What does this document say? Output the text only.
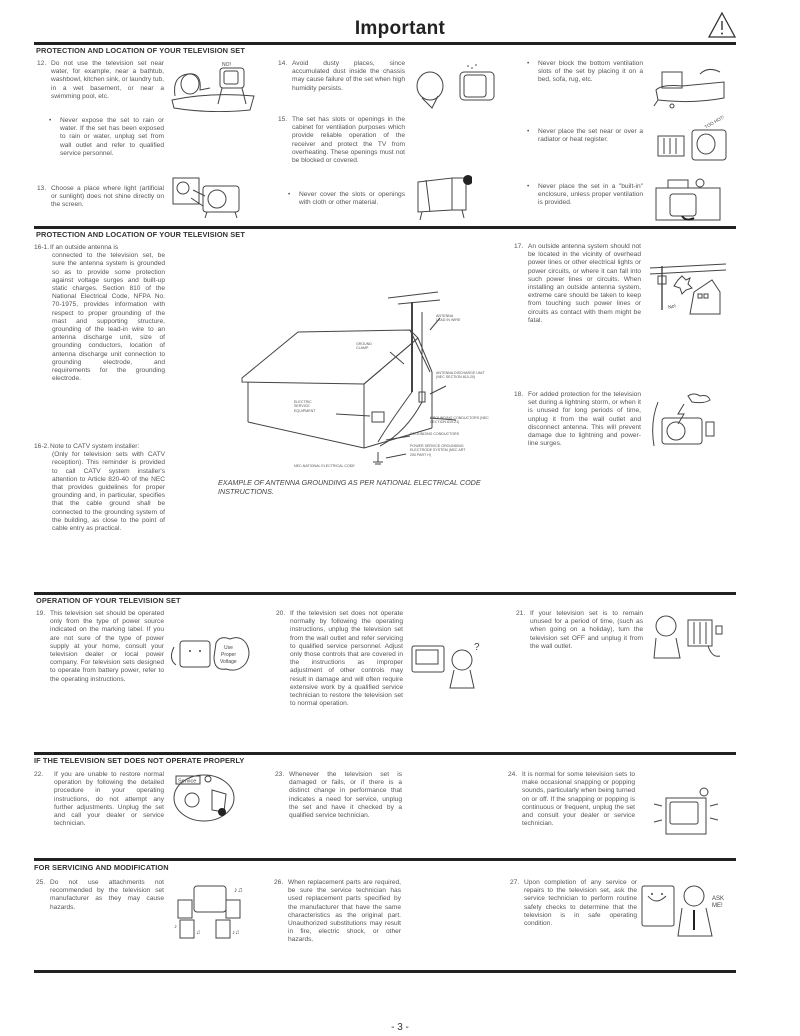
Important
PROTECTION AND LOCATION OF YOUR TELEVISION SET
12. Do not use the television set near water, for example, near a bathtub, washbowl, kitchen sink, or laundry tub, in a wet basement, or near a swimming pool, etc.
NO!
• Never expose the set to rain or water. If the set has been exposed to rain or water, unplug set from wall outlet and refer to qualified service personnel.
13. Choose a place where light (artificial or sunlight) does not shine directly on the screen.
14. Avoid dusty places, since accumulated dust inside the chassis may cause failure of the set when high humidity persists.
15. The set has slots or openings in the cabinet for ventilation purposes which provide reliable operation of the receiver and protect the TV from overheating. These openings must not be blocked or covered.
• Never cover the slots or openings with cloth or other material.
• Never block the bottom ventilation slots of the set by placing it on a bed, sofa, rug, etc.
• Never place the set near or over a radiator or heat register.
TOO HOT!
• Never place the set in a "built-in" enclosure, unless proper ventilation is provided.
PROTECTION AND LOCATION OF YOUR TELEVISION SET
16-1. If an outside antenna is
connected to the television set, be sure the antenna system is grounded so as to provide some protection against voltage surges and built-up static charges. Section 810 of the National Electrical Code, NFPA No. 70-1975, provides information with respect to proper grounding of the mast and supporting structure, grounding of the lead-in wire to an antenna discharge unit, size of grounding conductors, location of antenna discharge unit connection to grounding electrode, and requirements for the grounding electrode.
16-2. Note to CATV system installer:
(Only for television sets with CATV reception). This reminder is provided to call CATV system installer's attention to Article 820-40 of the NEC that provides guidelines for proper grounding and, in particular, specifies that the cable ground shall be connected to the grounding system of the building, as close to the point of cable entry as practical.
ANTENNA LEAD IN WIRE
GROUND CLAMP
ANTENNA DISCHARGE UNIT (NEC SECTION 810-20)
ELECTRIC SERVICE EQUIPMENT
GROUNDING CONDUCTORS (NEC SECTION 810-21)
GROUNDING CONDUCTORS
POWER SERVICE GROUNDING ELECTRODE SYSTEM (NEC ART 250 PART H)
NEC-NATIONAL ELECTRICAL CODE
EXAMPLE OF ANTENNA GROUNDING AS PER NATIONAL ELECTRICAL CODE INSTRUCTIONS.
17. An outside antenna system should not be located in the vicinity of overhead power lines or other electrical lights or power circuits, or where it can fall into such power lines or circuits. When installing an outside antenna system, extreme care should be taken to keep from touching such power lines or circuits as contact with them might be fatal.
No!
18. For added protection for the television set during a lightning storm, or when it is unused for long periods of time, unplug it from the wall outlet and disconnect antenna. This will prevent damage due to lightning and power-line surges.
OPERATION OF YOUR TELEVISION SET
19. This television set should be operated only from the type of power source indicated on the marking label. If you are not sure of the type of power supply at your home, consult your television dealer or local power company. For television sets designed to operate from battery power, refer to the operating instructions.
Use
Proper
Voltage
20. If the television set does not operate normally by following the operating instructions, unplug the television set from the wall outlet and refer servicing to qualified service personnel. Adjust only those controls that are covered in the instructions as improper adjustment of other controls may result in damage and will often require extensive work by a qualified service technician to restore the television set to normal operation.
?
21. If your television set is to remain unused for a period of time, (such as when going on a holiday), turn the television set OFF and unplug it from the wall outlet.
IF THE TELEVISION SET DOES NOT OPERATE PROPERLY
22. If you are unable to restore normal operation by following the detailed procedure in your operating instructions, do not attempt any further adjustments. Unplug the set and call your dealer or service technician.
Service
23. Whenever the television set is damaged or fails, or if there is a distinct change in performance that indicates a need for service, unplug the set and have it checked by a qualified service technician.
24. It is normal for some television sets to make occasional snapping or popping sounds, particularly when being turned on or off. If the snapping or popping is continuous or frequent, unplug the set and consult your dealer or service technician.
FOR SERVICING AND MODIFICATION
25. Do not use attachments not recommended by the television set manufacturer as they may cause hazards.
♪♫
♪
♫	♪♫
26. When replacement parts are required, be sure the service technician has used replacement parts specified by the manufacturer that have the same characteristics as the original part. Unauthorized substitutions may result in fire, electric shock, or other hazards.
27. Upon completion of any service or repairs to the television set, ask the service technician to perform routine safety checks to determine that the television is in safe operating condition.
ASK
ME!
- 3 -
